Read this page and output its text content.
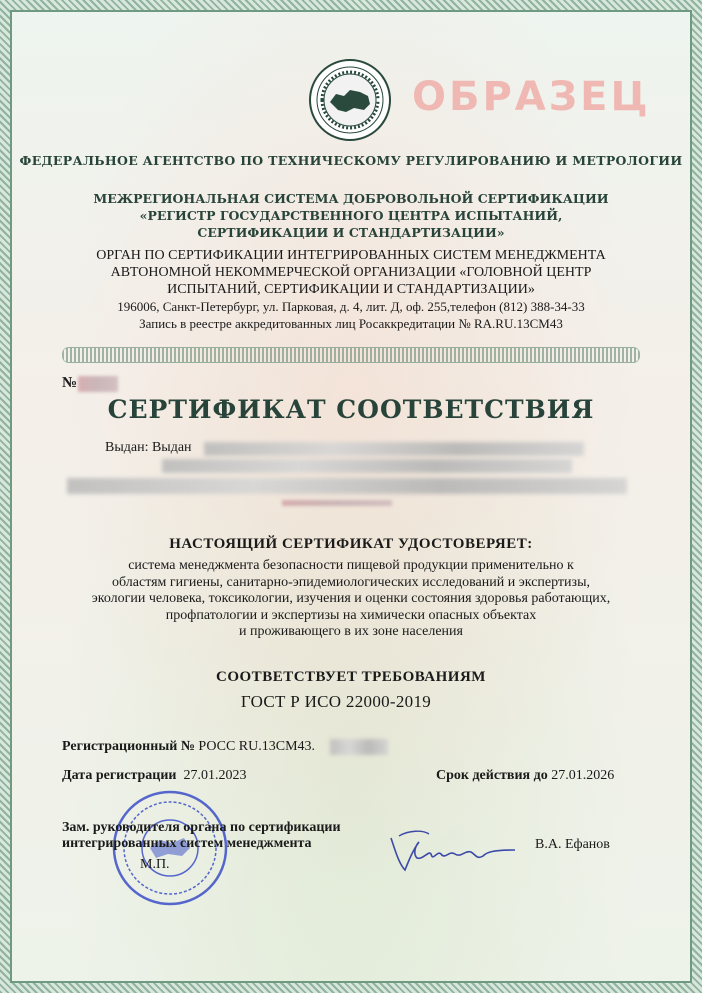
ОБРАЗЕЦ
ФЕДЕРАЛЬНОЕ АГЕНТСТВО ПО ТЕХНИЧЕСКОМУ РЕГУЛИРОВАНИЮ И МЕТРОЛОГИИ
МЕЖРЕГИОНАЛЬНАЯ СИСТЕМА ДОБРОВОЛЬНОЙ СЕРТИФИКАЦИИ
«РЕГИСТР ГОСУДАРСТВЕННОГО ЦЕНТРА ИСПЫТАНИЙ,
СЕРТИФИКАЦИИ И СТАНДАРТИЗАЦИИ»
ОРГАН ПО СЕРТИФИКАЦИИ ИНТЕГРИРОВАННЫХ СИСТЕМ МЕНЕДЖМЕНТА
АВТОНОМНОЙ НЕКОММЕРЧЕСКОЙ ОРГАНИЗАЦИИ «ГОЛОВНОЙ ЦЕНТР
ИСПЫТАНИЙ, СЕРТИФИКАЦИИ И СТАНДАРТИЗАЦИИ»
196006, Санкт-Петербург, ул. Парковая, д. 4, лит. Д, оф. 255,телефон (812) 388-34-33
Запись в реестре аккредитованных лиц Росаккредитации № RA.RU.13СМ43
№
СЕРТИФИКАТ СООТВЕТСТВИЯ
Выдан: Выдан
НАСТОЯЩИЙ СЕРТИФИКАТ УДОСТОВЕРЯЕТ:
система менеджмента безопасности пищевой продукции применительно к
областям гигиены, санитарно-эпидемиологических исследований и экспертизы,
экологии человека, токсикологии, изучения и оценки состояния здоровья работающих,
профпатологии и экспертизы на химически опасных объектах
и проживающего в их зоне населения
СООТВЕТСТВУЕТ ТРЕБОВАНИЯМ
ГОСТ Р ИСО 22000-2019
Регистрационный № РОСС RU.13СМ43.
Дата регистрации 27.01.2023	Срок действия до 27.01.2026
Зам. руководителя органа по сертификации
интегрированных систем менеджмента
М.П.
В.А. Ефанов
